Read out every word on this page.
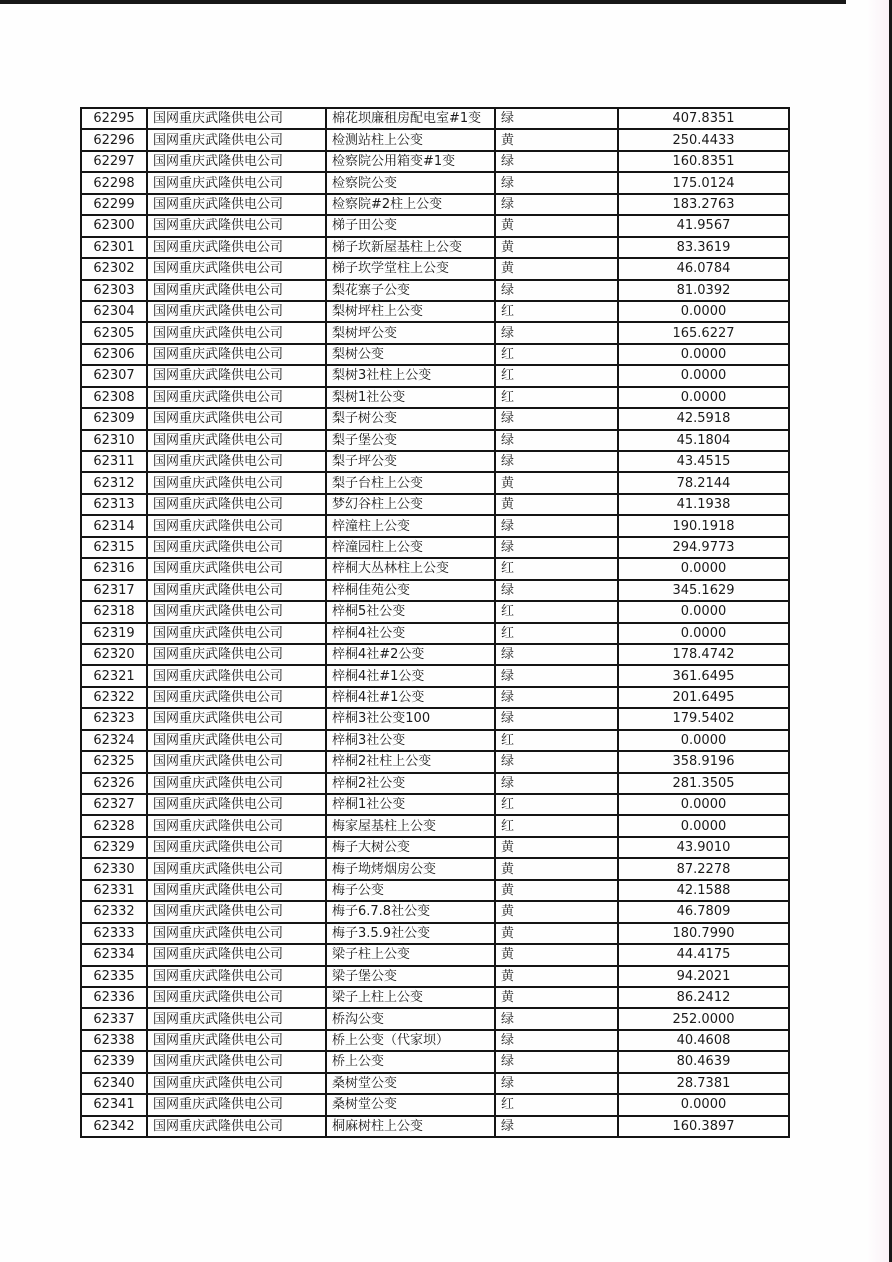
62295	国网重庆武隆供电公司	棉花坝廉租房配电室#1变	绿	407.8351
62296	国网重庆武隆供电公司	检测站柱上公变	黄	250.4433
62297	国网重庆武隆供电公司	检察院公用箱变#1变	绿	160.8351
62298	国网重庆武隆供电公司	检察院公变	绿	175.0124
62299	国网重庆武隆供电公司	检察院#2柱上公变	绿	183.2763
62300	国网重庆武隆供电公司	梯子田公变	黄	41.9567
62301	国网重庆武隆供电公司	梯子坎新屋基柱上公变	黄	83.3619
62302	国网重庆武隆供电公司	梯子坎学堂柱上公变	黄	46.0784
62303	国网重庆武隆供电公司	梨花寨子公变	绿	81.0392
62304	国网重庆武隆供电公司	梨树坪柱上公变	红	0.0000
62305	国网重庆武隆供电公司	梨树坪公变	绿	165.6227
62306	国网重庆武隆供电公司	梨树公变	红	0.0000
62307	国网重庆武隆供电公司	梨树3社柱上公变	红	0.0000
62308	国网重庆武隆供电公司	梨树1社公变	红	0.0000
62309	国网重庆武隆供电公司	梨子树公变	绿	42.5918
62310	国网重庆武隆供电公司	梨子堡公变	绿	45.1804
62311	国网重庆武隆供电公司	梨子坪公变	绿	43.4515
62312	国网重庆武隆供电公司	梨子台柱上公变	黄	78.2144
62313	国网重庆武隆供电公司	梦幻谷柱上公变	黄	41.1938
62314	国网重庆武隆供电公司	梓潼柱上公变	绿	190.1918
62315	国网重庆武隆供电公司	梓潼园柱上公变	绿	294.9773
62316	国网重庆武隆供电公司	梓桐大丛林柱上公变	红	0.0000
62317	国网重庆武隆供电公司	梓桐佳苑公变	绿	345.1629
62318	国网重庆武隆供电公司	梓桐5社公变	红	0.0000
62319	国网重庆武隆供电公司	梓桐4社公变	红	0.0000
62320	国网重庆武隆供电公司	梓桐4社#2公变	绿	178.4742
62321	国网重庆武隆供电公司	梓桐4社#1公变	绿	361.6495
62322	国网重庆武隆供电公司	梓桐4社#1公变	绿	201.6495
62323	国网重庆武隆供电公司	梓桐3社公变100	绿	179.5402
62324	国网重庆武隆供电公司	梓桐3社公变	红	0.0000
62325	国网重庆武隆供电公司	梓桐2社柱上公变	绿	358.9196
62326	国网重庆武隆供电公司	梓桐2社公变	绿	281.3505
62327	国网重庆武隆供电公司	梓桐1社公变	红	0.0000
62328	国网重庆武隆供电公司	梅家屋基柱上公变	红	0.0000
62329	国网重庆武隆供电公司	梅子大树公变	黄	43.9010
62330	国网重庆武隆供电公司	梅子坳烤烟房公变	黄	87.2278
62331	国网重庆武隆供电公司	梅子公变	黄	42.1588
62332	国网重庆武隆供电公司	梅子6.7.8社公变	黄	46.7809
62333	国网重庆武隆供电公司	梅子3.5.9社公变	黄	180.7990
62334	国网重庆武隆供电公司	梁子柱上公变	黄	44.4175
62335	国网重庆武隆供电公司	梁子堡公变	黄	94.2021
62336	国网重庆武隆供电公司	梁子上柱上公变	黄	86.2412
62337	国网重庆武隆供电公司	桥沟公变	绿	252.0000
62338	国网重庆武隆供电公司	桥上公变（代家坝）	绿	40.4608
62339	国网重庆武隆供电公司	桥上公变	绿	80.4639
62340	国网重庆武隆供电公司	桑树堂公变	绿	28.7381
62341	国网重庆武隆供电公司	桑树堂公变	红	0.0000
62342	国网重庆武隆供电公司	桐麻树柱上公变	绿	160.3897
